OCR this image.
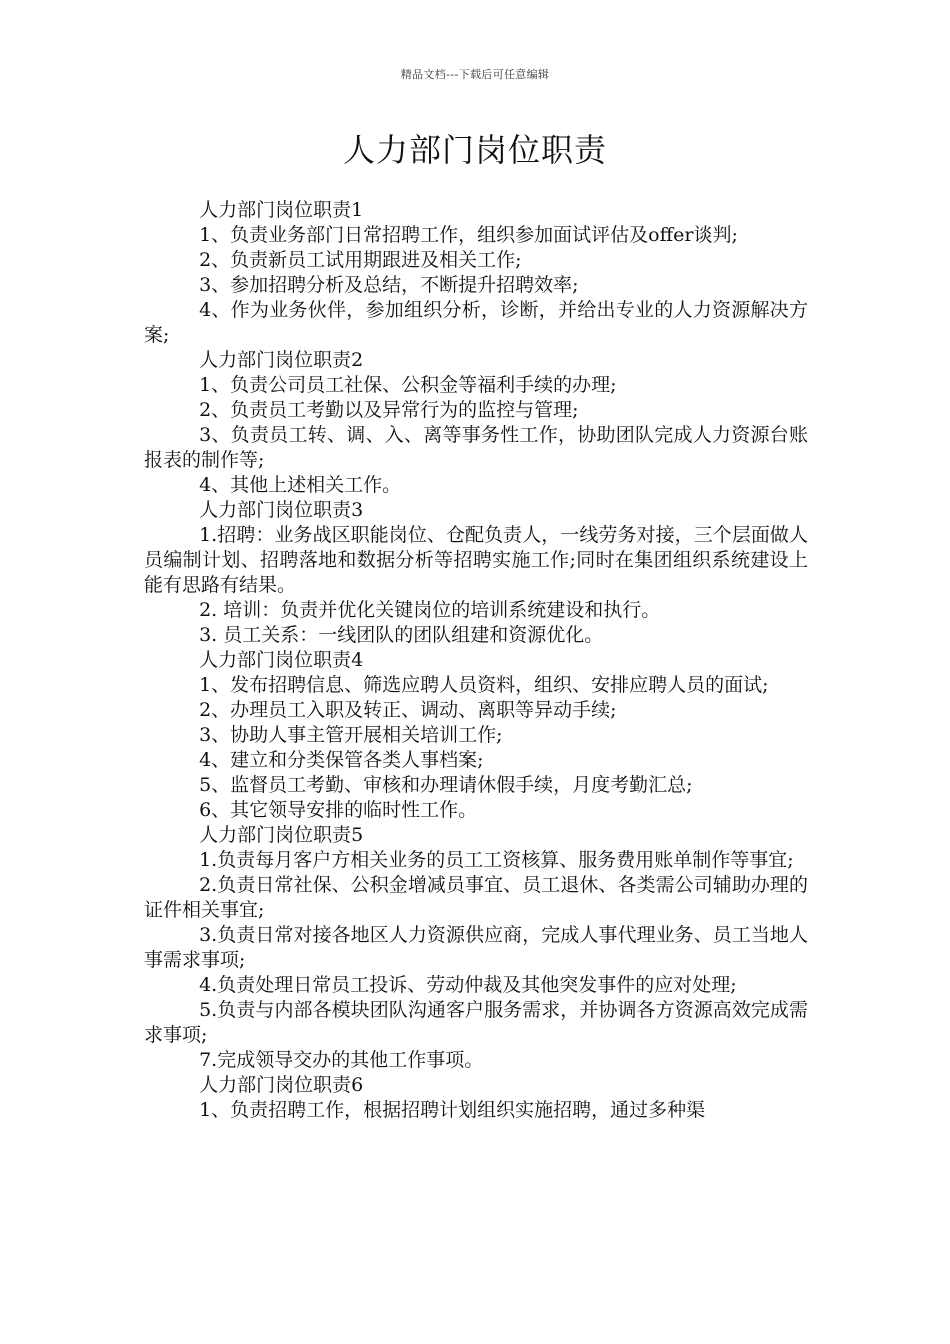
精品文档---下载后可任意编辑
人力部门岗位职责

人力部门岗位职责1

1、负责业务部门日常招聘工作，组织参加面试评估及offer谈判;

2、负责新员工试用期跟进及相关工作;

3、参加招聘分析及总结，不断提升招聘效率;

4、作为业务伙伴，参加组织分析，诊断，并给出专业的人力资源解决方案;

人力部门岗位职责2

1、负责公司员工社保、公积金等福利手续的办理;

2、负责员工考勤以及异常行为的监控与管理;

3、负责员工转、调、入、离等事务性工作，协助团队完成人力资源台账报表的制作等;

4、其他上述相关工作。

人力部门岗位职责3

1.招聘：业务战区职能岗位、仓配负责人，一线劳务对接，三个层面做人员编制计划、招聘落地和数据分析等招聘实施工作;同时在集团组织系统建设上能有思路有结果。

2. 培训：负责并优化关键岗位的培训系统建设和执行。

3. 员工关系：一线团队的团队组建和资源优化。

人力部门岗位职责4

1、发布招聘信息、筛选应聘人员资料，组织、安排应聘人员的面试;

2、办理员工入职及转正、调动、离职等异动手续;

3、协助人事主管开展相关培训工作;

4、建立和分类保管各类人事档案;

5、监督员工考勤、审核和办理请休假手续，月度考勤汇总;

6、其它领导安排的临时性工作。

人力部门岗位职责5

1.负责每月客户方相关业务的员工工资核算、服务费用账单制作等事宜;

2.负责日常社保、公积金增减员事宜、员工退休、各类需公司辅助办理的证件相关事宜;

3.负责日常对接各地区人力资源供应商，完成人事代理业务、员工当地人事需求事项;

4.负责处理日常员工投诉、劳动仲裁及其他突发事件的应对处理;

5.负责与内部各模块团队沟通客户服务需求，并协调各方资源高效完成需求事项;

7.完成领导交办的其他工作事项。

人力部门岗位职责6

1、负责招聘工作，根据招聘计划组织实施招聘，通过多种渠
